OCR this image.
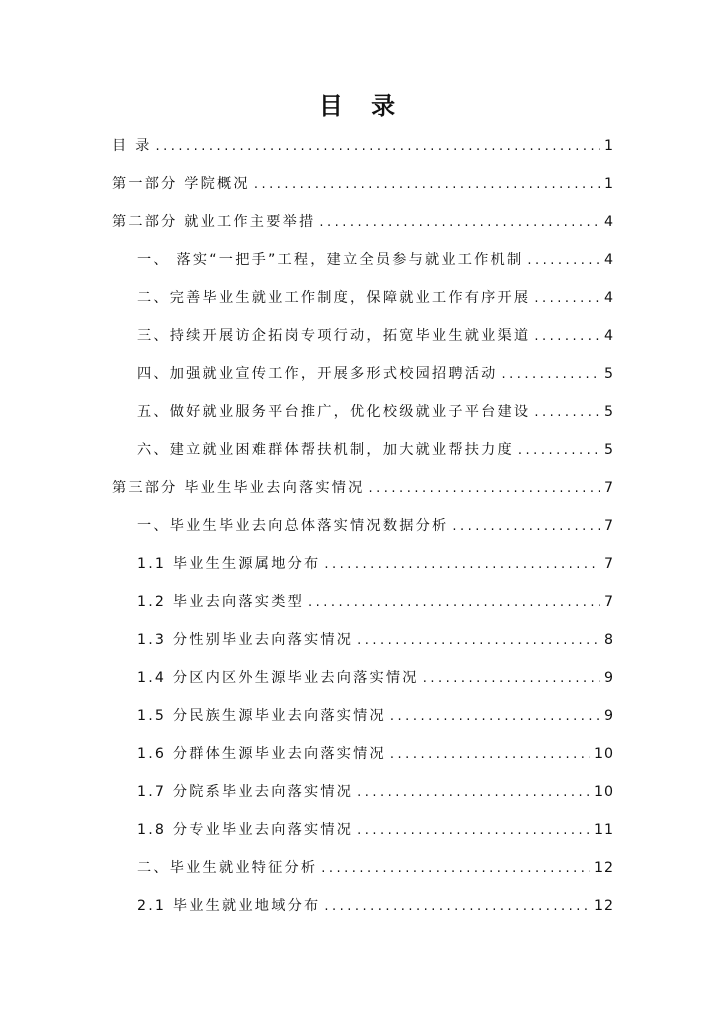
目 录
目 录 .....	1
第一部分 学院概况 .....	1
第二部分 就业工作主要举措 .....	4
一、 落实“一把手”工程，建立全员参与就业工作机制 .....	4
二、完善毕业生就业工作制度，保障就业工作有序开展 .....	4
三、持续开展访企拓岗专项行动，拓宽毕业生就业渠道 .....	4
四、加强就业宣传工作，开展多形式校园招聘活动 .....	5
五、做好就业服务平台推广，优化校级就业子平台建设 .....	5
六、建立就业困难群体帮扶机制，加大就业帮扶力度 .....	5
第三部分 毕业生毕业去向落实情况 .....	7
一、毕业生毕业去向总体落实情况数据分析 .....	7
1.1 毕业生生源属地分布 .....	7
1.2 毕业去向落实类型 .....	7
1.3 分性别毕业去向落实情况 .....	8
1.4 分区内区外生源毕业去向落实情况 .....	9
1.5 分民族生源毕业去向落实情况 .....	9
1.6 分群体生源毕业去向落实情况 .....	10
1.7 分院系毕业去向落实情况 .....	10
1.8 分专业毕业去向落实情况 .....	11
二、毕业生就业特征分析 .....	12
2.1 毕业生就业地域分布 .....	12
